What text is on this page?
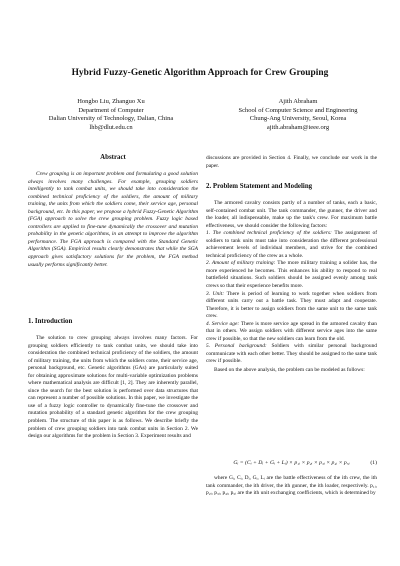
Hybrid Fuzzy-Genetic Algorithm Approach for Crew Grouping
Hongbo Liu, Zhanguo Xu
Department of Computer
Dalian University of Technology, Dalian, China
lhb@dlut.edu.cn
Ajith Abraham
School of Computer Science and Engineering
Chung-Ang University, Seoul, Korea
ajith.abraham@ieee.org
Abstract

Crew grouping is an important problem and formulating a good solution always involves many challenges. For example, grouping soldiers intelligently to tank combat units, we should take into consideration the combined technical proficiency of the soldiers, the amount of military training, the units from which the soldiers come, their service age, personal background, etc. In this paper, we propose a hybrid Fuzzy-Genetic Algorithm (FGA) approach to solve the crew grouping problem. Fuzzy logic based controllers are applied to fine-tune dynamically the crossover and mutation probability in the genetic algorithms, in an attempt to improve the algorithm performance. The FGA approach is compared with the Standard Genetic Algorithm (SGA). Empirical results clearly demonstrates that while the SGA approach gives satisfactory solutions for the problem, the FGA method usually performs significantly better.

1. Introduction

The solution to crew grouping always involves many factors. For grouping soldiers efficiently to tank combat units, we should take into consideration the combined technical proficiency of the soldiers, the amount of military training, the units from which the soldiers come, their service age, personal background, etc. Genetic algorithms (GAs) are particularly suited for obtaining approximate solutions for multi-variable optimization problems where mathematical analysis are difficult [1, 2]. They are inherently parallel, since the search for the best solution is performed over data structures that can represent a number of possible solutions. In this paper, we investigate the use of a fuzzy logic controller to dynamically fine-tune the crossover and mutation probability of a standard genetic algorithm for the crew grouping problem. The structure of this paper is as follows. We describe briefly the problem of crew grouping soldiers into tank combat units in Section 2. We design our algorithms for the problem in Section 3. Experiment results and

discussions are provided in Section 4. Finally, we conclude our work in the paper.

2. Problem Statement and Modeling

The armored cavalry consists partly of a number of tanks, each a basic, self-contained combat unit. The tank commander, the gunner, the driver and the loader, all indispensable, make up the tank's crew. For maximum battle effectiveness, we should consider the following factors:

1. The combined technical proficiency of the soldiers: The assignment of soldiers to tank units must take into consideration the different professional achievement levels of individual members, and strive for the combined technical proficiency of the crew as a whole.

2. Amount of military training: The more military training a solider has, the more experienced he becomes. This enhances his ability to respond to real battlefield situations. Such soldiers should be assigned evenly among tank crews so that their experience benefits more.

3. Unit: There is period of learning to work together when soldiers from different units carry out a battle task. They must adapt and cooperate. Therefore, it is better to assign soldiers from the same unit to the same tank crew.

4. Service age: There is more service age spread in the armored cavalry than that in others. We assign soldiers with different service ages into the same crew if possible, so that the new soldiers can learn from the old.

5. Personal background: Soldiers with similar personal background communicate with each other better. They should be assigned to the same tank crew if possible.

Based on the above analysis, the problem can be modeled as follows:

Gᵢ = (Cᵢ + Dᵢ + Gᵢ + Lᵢ) × p₁ᵢ × p₂ᵢ × p₃ᵢ × p₄ᵢ × p₅ᵢ	(1)

where Gᵢ, Cᵢ, Dᵢ, Gᵢ, Lᵢ are the battle effectiveness of the ith crew, the ith tank commander, the ith driver, the ith gunner, the ith loader, respectively. p₁ᵢ, p₂ᵢ, p₃ᵢ, p₄ᵢ, p₅ᵢ are the ith unit exchanging coefficients, which is determined by
